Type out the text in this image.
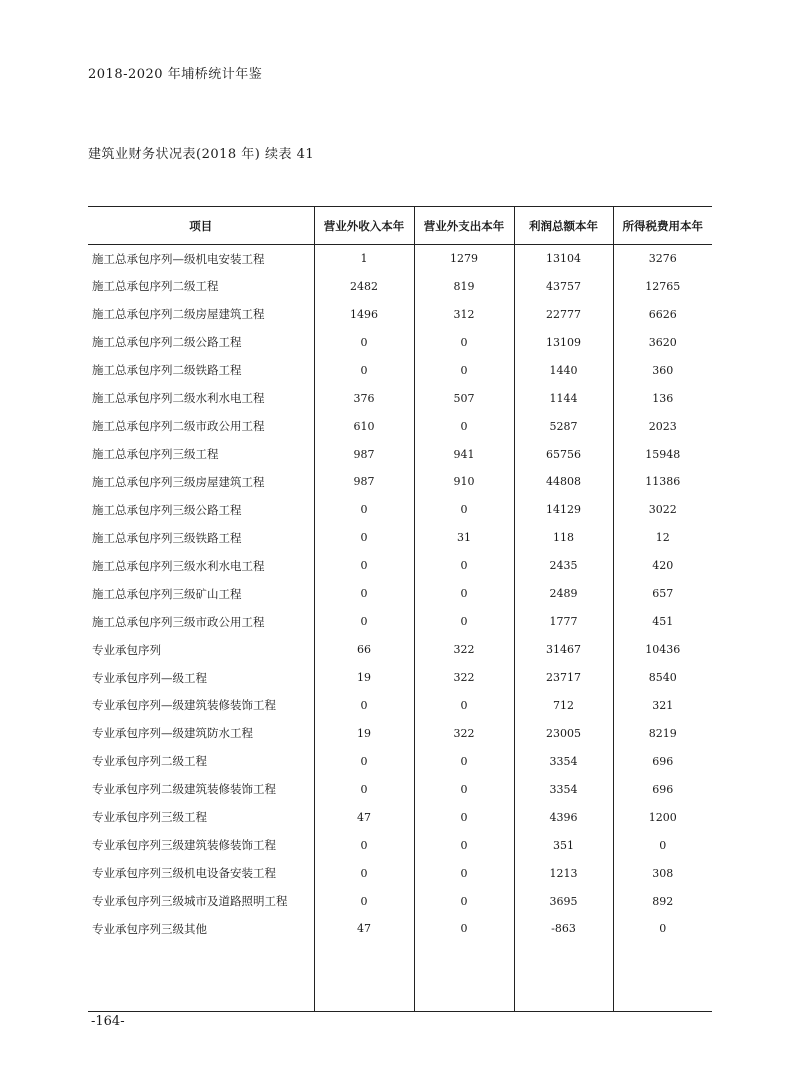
2018-2020 年埔桥统计年鉴
建筑业财务状况表(2018 年) 续表 41
项目	营业外收入本年	营业外支出本年	利润总额本年	所得税费用本年
施工总承包序列—级机电安装工程	1	1279	13104	3276
施工总承包序列二级工程	2482	819	43757	12765
施工总承包序列二级房屋建筑工程	1496	312	22777	6626
施工总承包序列二级公路工程	0	0	13109	3620
施工总承包序列二级铁路工程	0	0	1440	360
施工总承包序列二级水利水电工程	376	507	1144	136
施工总承包序列二级市政公用工程	610	0	5287	2023
施工总承包序列三级工程	987	941	65756	15948
施工总承包序列三级房屋建筑工程	987	910	44808	11386
施工总承包序列三级公路工程	0	0	14129	3022
施工总承包序列三级铁路工程	0	31	118	12
施工总承包序列三级水利水电工程	0	0	2435	420
施工总承包序列三级矿山工程	0	0	2489	657
施工总承包序列三级市政公用工程	0	0	1777	451
专业承包序列	66	322	31467	10436
专业承包序列—级工程	19	322	23717	8540
专业承包序列—级建筑装修装饰工程	0	0	712	321
专业承包序列—级建筑防水工程	19	322	23005	8219
专业承包序列二级工程	0	0	3354	696
专业承包序列二级建筑装修装饰工程	0	0	3354	696
专业承包序列三级工程	47	0	4396	1200
专业承包序列三级建筑装修装饰工程	0	0	351	0
专业承包序列三级机电设备安装工程	0	0	1213	308
专业承包序列三级城市及道路照明工程	0	0	3695	892
专业承包序列三级其他	47	0	-863	0

-164-
